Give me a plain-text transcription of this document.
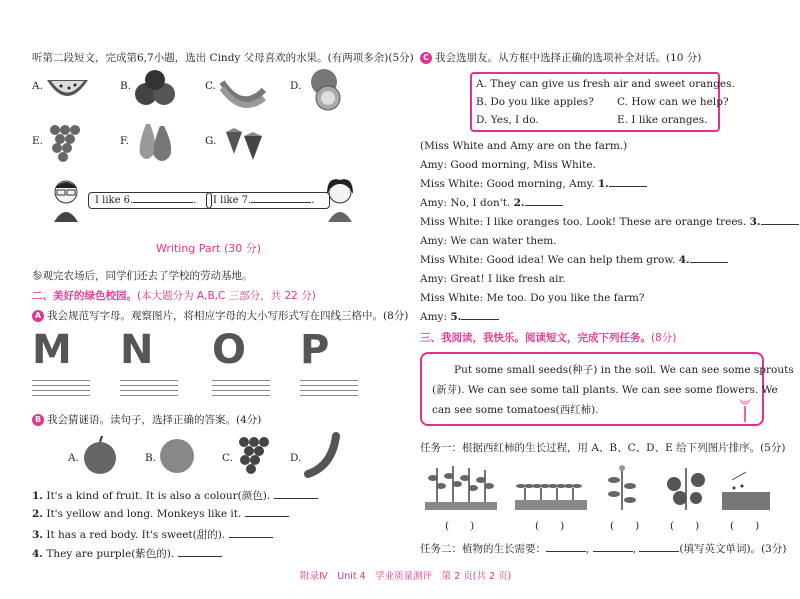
听第二段短文，完成第6,7小题，选出 Cindy 父母喜欢的水果。(有两项多余)(5分)
A.	B.	C.	D.
E.	F.	G.
I like 6.	.	I like 7.	.
Writing Part (30 分)
参观完农场后，同学们还去了学校的劳动基地。
二、美好的绿色校园。(本大题分为 A,B,C 三部分，共 22 分)
A 我会规范写字母。观察图片，将相应字母的大小写形式写在四线三格中。(8分)
M	N	O	P
B 我会猜谜语。读句子，选择正确的答案。(4分)
A.	B.	C.	D.
1. It's a kind of fruit. It is also a colour(颜色).
2. It's yellow and long. Monkeys like it.
3. It has a red body. It's sweet(甜的).
4. They are purple(紫色的).
C 我会选朋友。从方框中选择正确的选项补全对话。(10 分)
A. They can give us fresh air and sweet oranges.
B. Do you like apples? C. How can we help?
D. Yes, I do.	E. I like oranges.
(Miss White and Amy are on the farm.)
Amy: Good morning, Miss White.
Miss White: Good morning, Amy. 1.
Amy: No, I don't. 2.
Miss White: I like oranges too. Look! These are orange trees. 3.
Amy: We can water them.
Miss White: Good idea! We can help them grow. 4.
Amy: Great! I like fresh air.
Miss White: Me too. Do you like the farm?
Amy: 5.
三、我阅读，我快乐。阅读短文，完成下列任务。(8分)
Put some small seeds(种子) in the soil. We can see some sprouts
(新芽). We can see some tall plants. We can see some flowers. We
can see some tomatoes(西红柿).
任务一：根据西红柿的生长过程，用 A、B、C、D、E 给下列图片排序。(5分)
(　　)	(　　)	(　　)	(　　)	(　　)
任务二：植物的生长需要：	,	,	(填写英文单词)。(3分)
附录Ⅳ　Unit 4　学业质量测评　第 2 页(共 2 页)
